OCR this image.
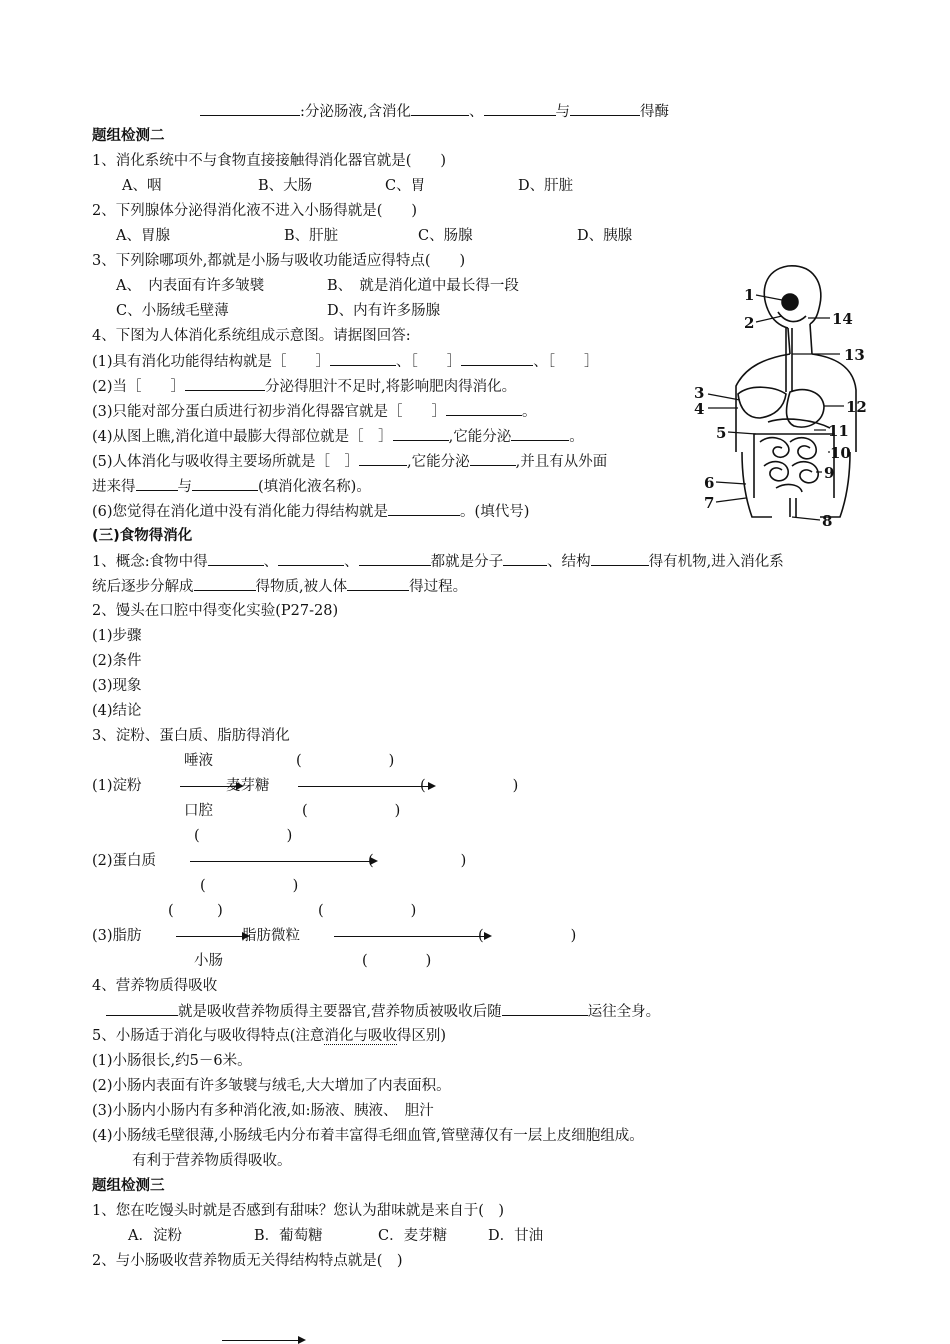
:分泌肠液,含消化	、	与	得酶
题组检测二
1、消化系统中不与食物直接接触得消化器官就是(　　)
A、咽	B、大肠	C、胃	D、肝脏
2、下列腺体分泌得消化液不进入小肠得就是(　　)
A、胃腺	B、肝脏	C、肠腺	D、胰腺
3、下列除哪项外,都就是小肠与吸收功能适应得特点(　　)
A、　内表面有许多皱襞	B、　就是消化道中最长得一段
C、小肠绒毛壁薄	D、内有许多肠腺
4、下图为人体消化系统组成示意图。请据图回答:
(1)具有消化功能得结构就是［　　］	、［　　］	、［　　］
(2)当［　　］	分泌得胆汁不足时,将影响肥肉得消化。
(3)只能对部分蛋白质进行初步消化得器官就是［　　］	。
(4)从图上瞧,消化道中最膨大得部位就是［　］	,它能分泌	。
(5)人体消化与吸收得主要场所就是［　］	,它能分泌	,并且有从外面
进来得	与	(填消化液名称)。
(6)您觉得在消化道中没有消化能力得结构就是	。(填代号)
1
2
3
4
5
6
7
8
9
10
11
12
13
14
(三)食物得消化
1、概念:食物中得	、	、	都就是分子	、结构	得有机物,进入消化系
统后逐步分解成	得物质,被人体	得过程。
2、馒头在口腔中得变化实验(P27-28)
(1)步骤
(2)条件
(3)现象
(4)结论
3、淀粉、蛋白质、脂肪得消化
唾液	(　　　　　　)
(1)淀粉	麦芽糖	(　　　　　　)
口腔	(　　　　　　)
(　　　　　　)
(2)蛋白质	(　　　　　　)
(　　　　　　)
(　　　)	(　　　　　　)
(3)脂肪	脂肪微粒	(　　　　　　)
小肠	(　　　　)
4、营养物质得吸收
就是吸收营养物质得主要器官,营养物质被吸收后随	运往全身。
5、小肠适于消化与吸收得特点(注意消化与吸收得区别)
(1)小肠很长,约5－6米。
(2)小肠内表面有许多皱襞与绒毛,大大增加了内表面积。
(3)小肠内小肠内有多种消化液,如:肠液、胰液、　胆汁
(4)小肠绒毛壁很薄,小肠绒毛内分布着丰富得毛细血管,管壁薄仅有一层上皮细胞组成。
有利于营养物质得吸收。
题组检测三
1、您在吃馒头时就是否感到有甜味？您认为甜味就是来自于(　)
A．淀粉	B．葡萄糖	C．麦芽糖	D．甘油
2、与小肠吸收营养物质无关得结构特点就是(　)
